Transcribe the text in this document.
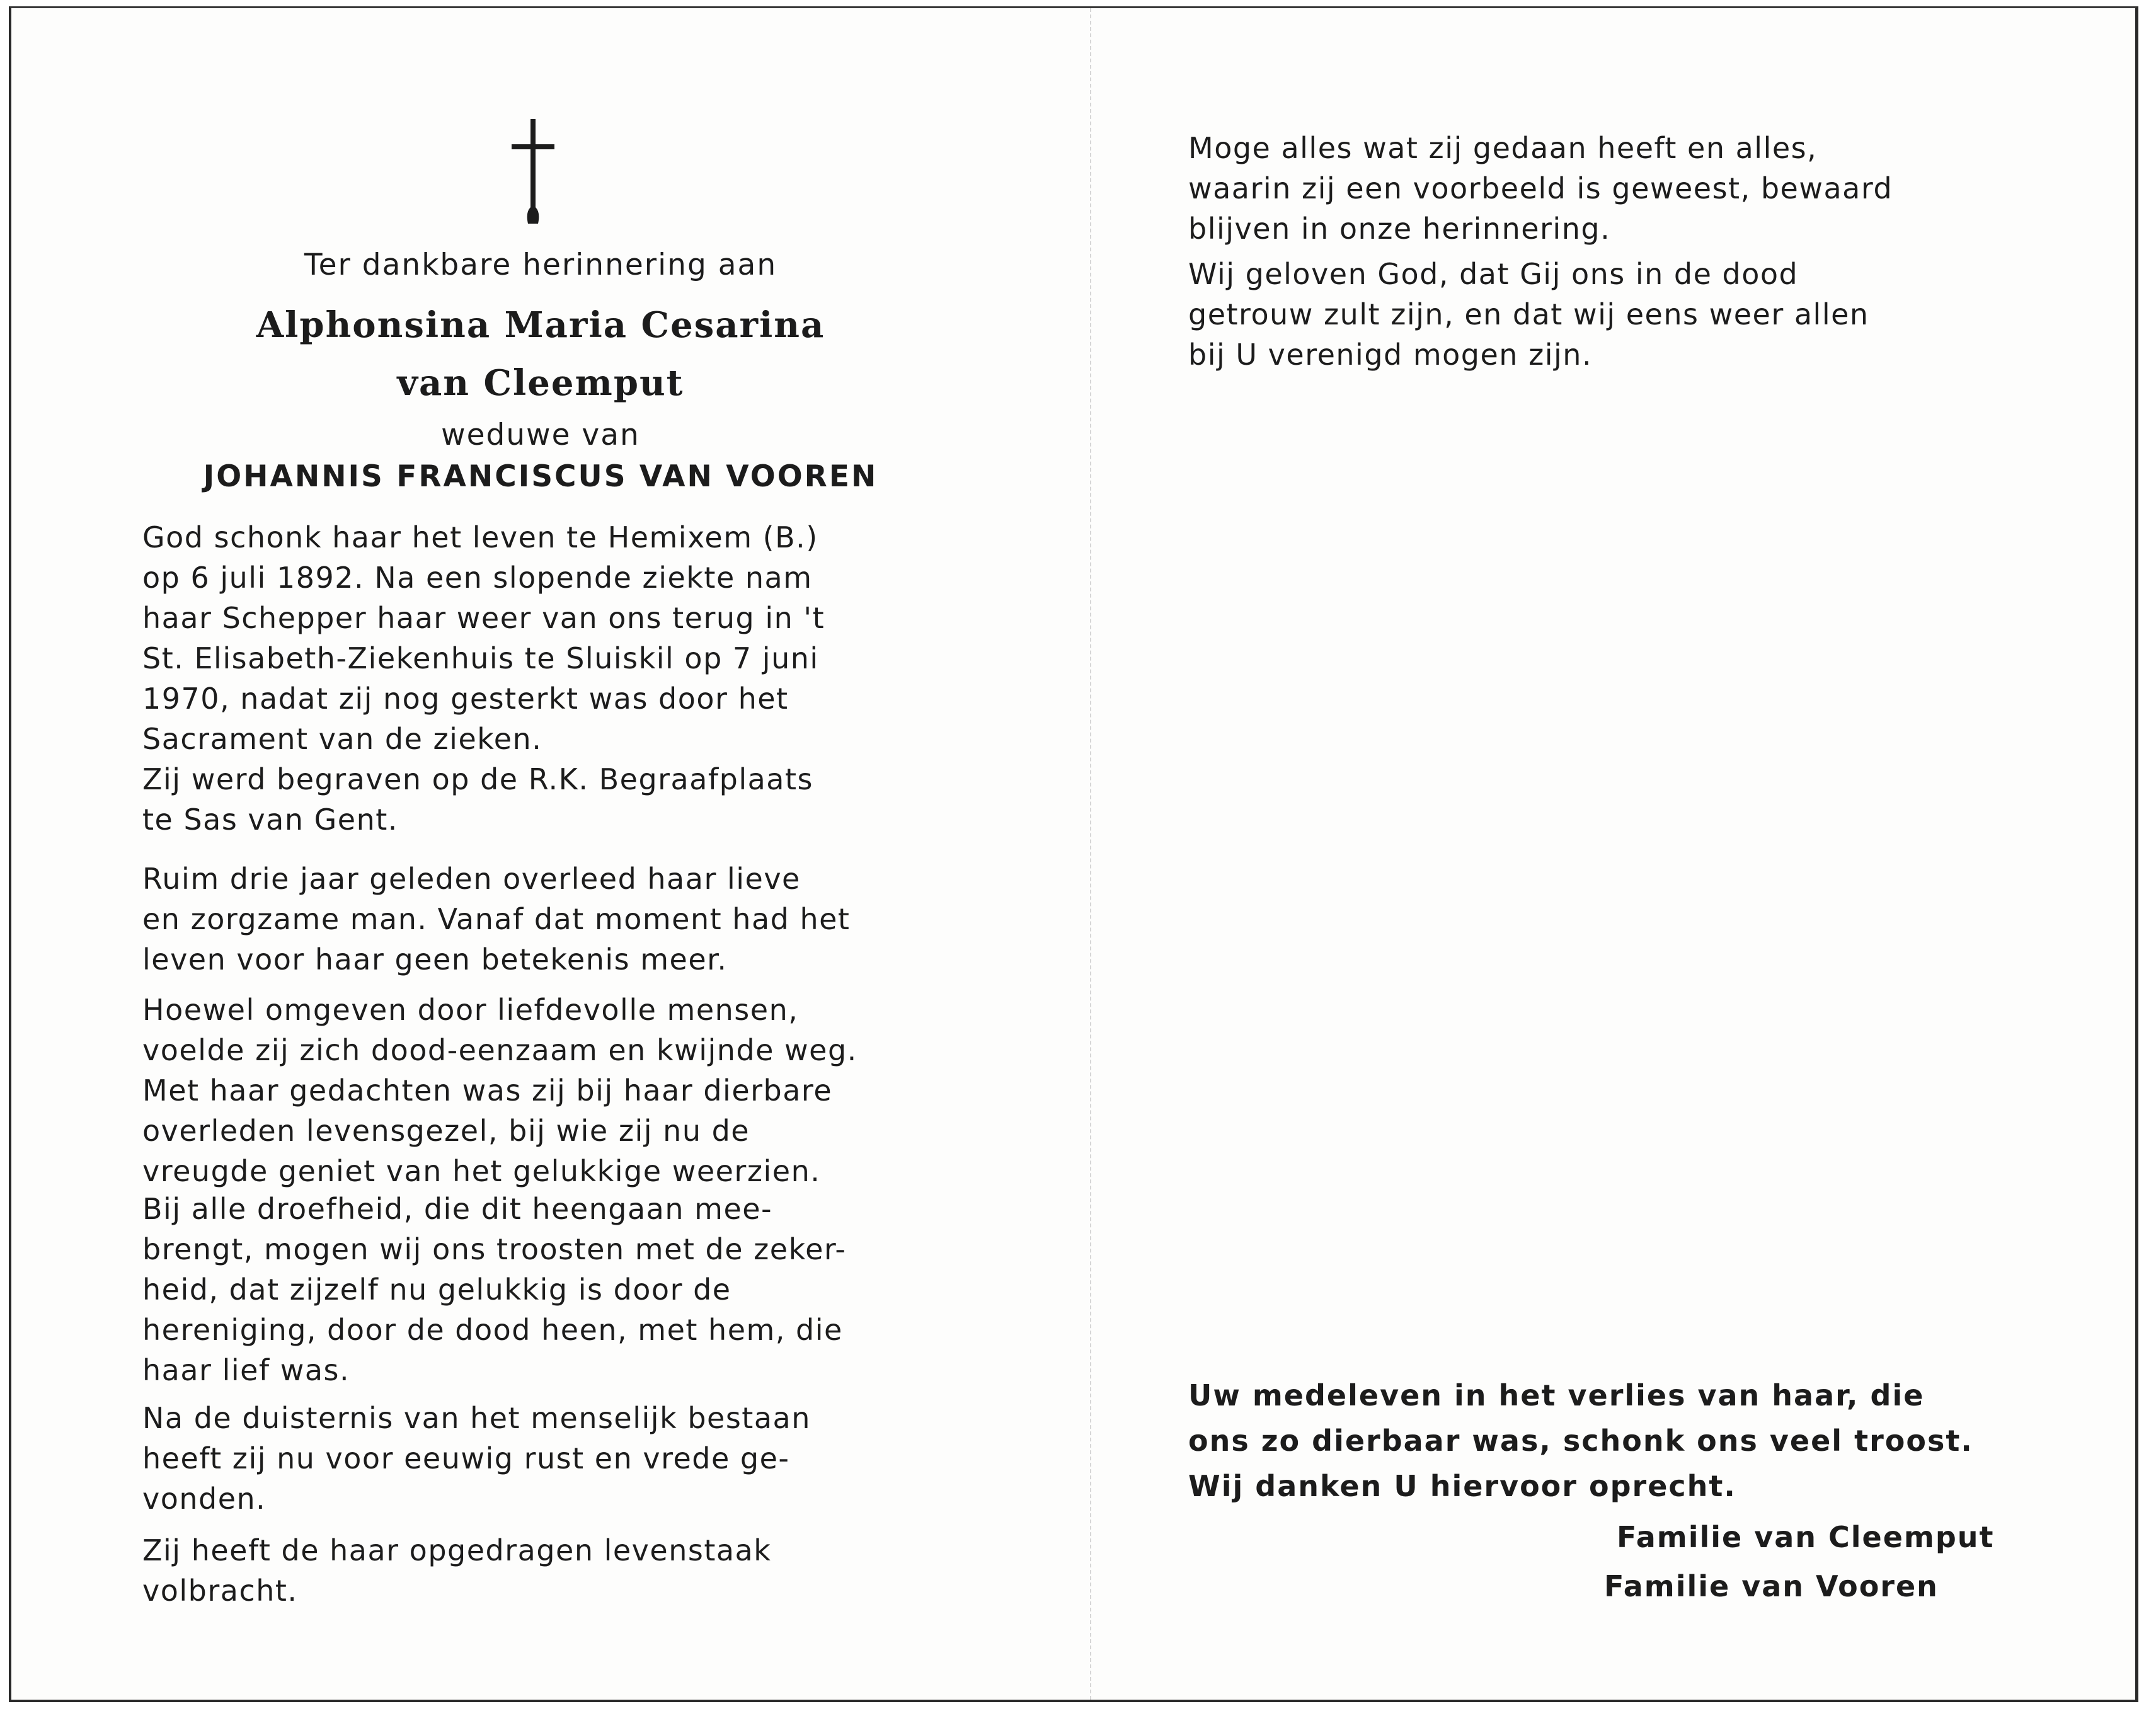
Ter dankbare herinnering aan
Alphonsina Maria Cesarina
van Cleemput
weduwe van
JOHANNIS FRANCISCUS VAN VOOREN

God schonk haar het leven te Hemixem (B.)
op 6 juli 1892. Na een slopende ziekte nam
haar Schepper haar weer van ons terug in 't
St. Elisabeth-Ziekenhuis te Sluiskil op 7 juni
1970, nadat zij nog gesterkt was door het
Sacrament van de zieken.
Zij werd begraven op de R.K. Begraafplaats
te Sas van Gent.

Ruim drie jaar geleden overleed haar lieve
en zorgzame man. Vanaf dat moment had het
leven voor haar geen betekenis meer.

Hoewel omgeven door liefdevolle mensen,
voelde zij zich dood-eenzaam en kwijnde weg.
Met haar gedachten was zij bij haar dierbare
overleden levensgezel, bij wie zij nu de
vreugde geniet van het gelukkige weerzien.

Bij alle droefheid, die dit heengaan mee-
brengt, mogen wij ons troosten met de zeker-
heid, dat zijzelf nu gelukkig is door de
hereniging, door de dood heen, met hem, die
haar lief was.

Na de duisternis van het menselijk bestaan
heeft zij nu voor eeuwig rust en vrede ge-
vonden.

Zij heeft de haar opgedragen levenstaak
volbracht.

Moge alles wat zij gedaan heeft en alles,
waarin zij een voorbeeld is geweest, bewaard
blijven in onze herinnering.

Wij geloven God, dat Gij ons in de dood
getrouw zult zijn, en dat wij eens weer allen
bij U verenigd mogen zijn.

Uw medeleven in het verlies van haar, die
ons zo dierbaar was, schonk ons veel troost.
Wij danken U hiervoor oprecht.

Familie van Cleemput
Familie van Vooren
